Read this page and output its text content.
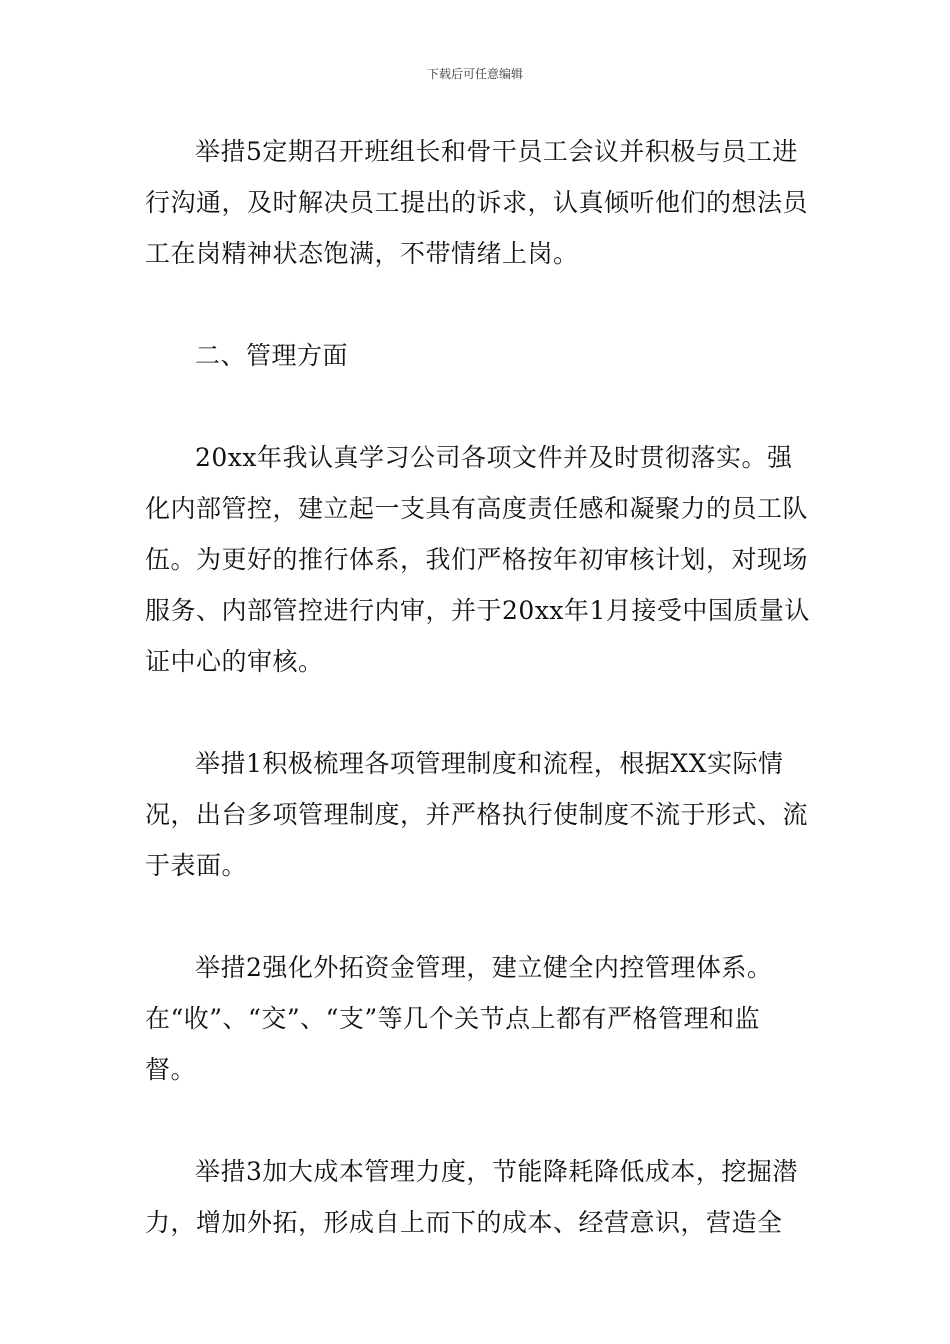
下载后可任意编辑

举措5定期召开班组长和骨干员工会议并积极与员工进行沟通，及时解决员工提出的诉求，认真倾听他们的想法员工在岗精神状态饱满，不带情绪上岗。

二、管理方面

20xx年我认真学习公司各项文件并及时贯彻落实。强化内部管控，建立起一支具有高度责任感和凝聚力的员工队伍。为更好的推行体系，我们严格按年初审核计划，对现场服务、内部管控进行内审，并于20xx年1月接受中国质量认证中心的审核。

举措1积极梳理各项管理制度和流程，根据XX实际情况，出台多项管理制度，并严格执行使制度不流于形式、流于表面。

举措2强化外拓资金管理，建立健全内控管理体系。在“收”、“交”、“支”等几个关节点上都有严格管理和监督。

举措3加大成本管理力度，节能降耗降低成本，挖掘潜力，增加外拓，形成自上而下的成本、经营意识，营造全
